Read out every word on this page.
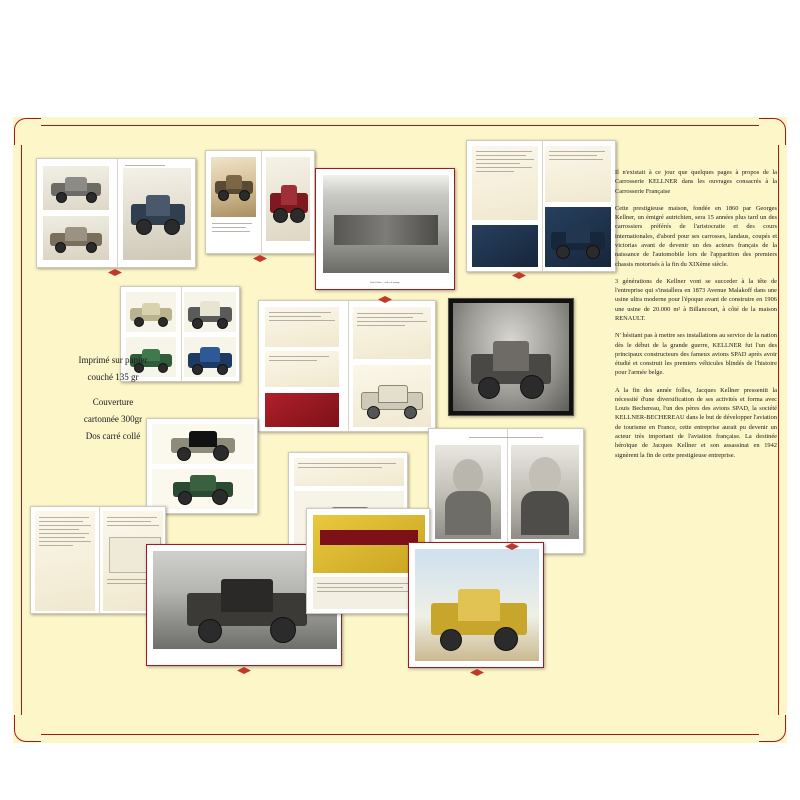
Usine Kellner — atelier de montage
Imprimé sur papier
couché 135 gr
Couverture
cartonnée 300gr
Dos carré collé

Il n'existait à ce jour que quelques pages à propos de la Carrosserie KELLNER dans les ouvrages consacrés à la Carrosserie Française

Cette prestigieuse maison, fondée en 1860 par Georges Kellner, un émigré autrichien, sera 15 années plus tard un des carrossiers préférés de l'aristocratie et des cours internationales, d'abord pour ses carrosses, landaus, coupés et victorias avant de devenir un des acteurs français de la naissance de l'automobile lors de l'apparition des premiers chassis motorisés à la fin du XIXème siècle.

3 générations de Kellner vont se succeder à la tête de l'entreprise qui s'installera en 1873 Avenue Malakoff dans une usine ultra moderne pour l'époque avant de construire en 1906 une usine de 20.000 m² à Billancourt, à côté de la maison RENAULT.

N' hésitant pas à mettre ses installations au service de la nation dès le début de la grande guerre, KELLNER fut l'un des principaux constructeurs des fameux avions SPAD après avoir étudié et construit les premiers véhicules blindés de l'histoire pour l'armée belge.

A la fin des année folles, Jacques Kellner pressentit la nécessité d'une diversification de ses activités et forma avec Louis Bechereau, l'un des pères des avions SPAD, la société KELLNER-BECHEREAU dans le but de développer l'aviation de tourisme en France, cette entreprise aurait pu devenir un acteur très important de l'aviation française. La destinée héroïque de Jacques Kellner et son assassinat en 1942 signèrent la fin de cette prestigieuse entreprise.
